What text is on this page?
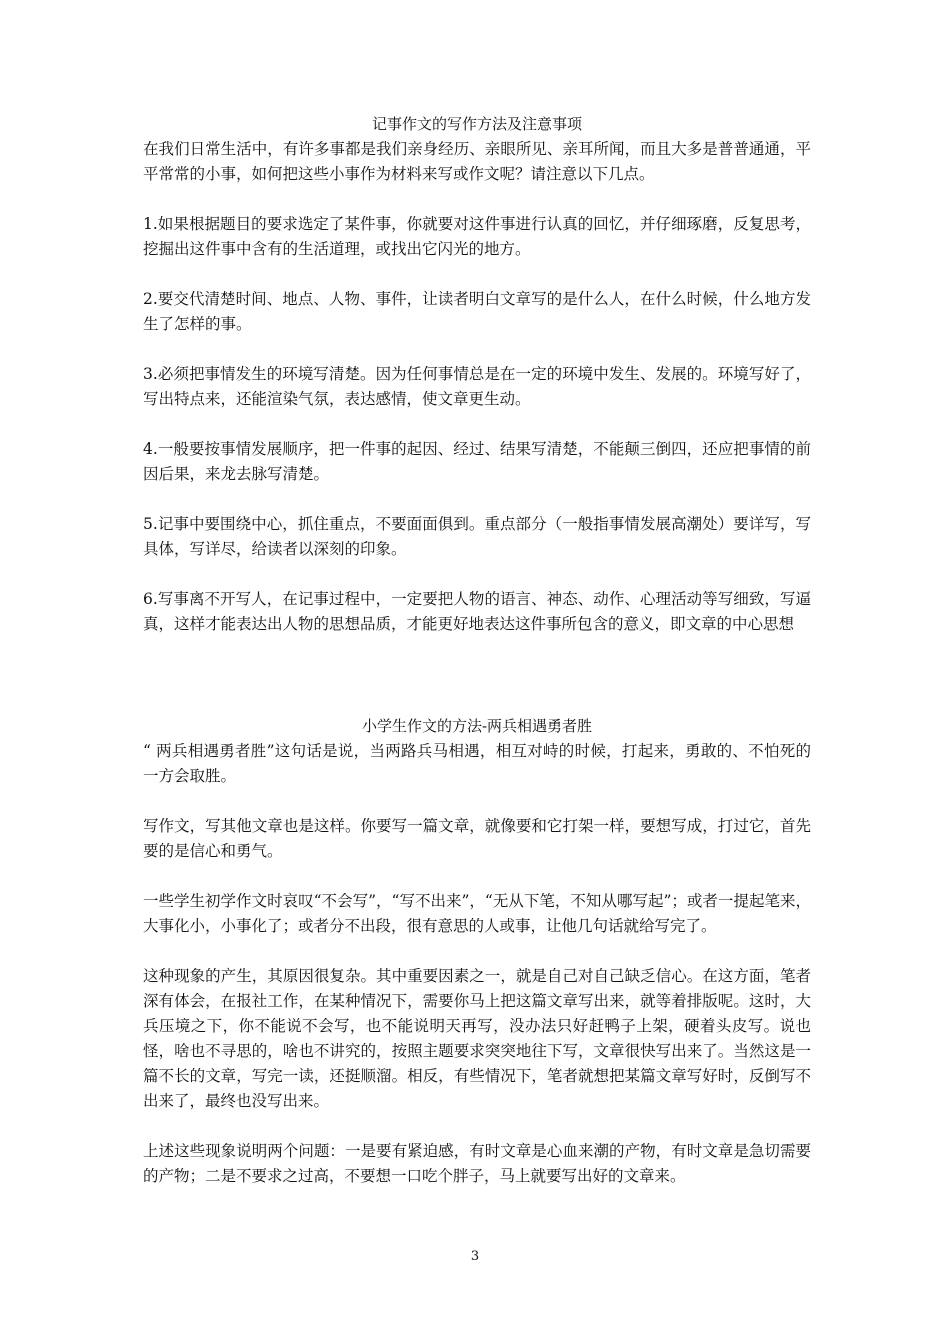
记事作文的写作方法及注意事项

在我们日常生活中，有许多事都是我们亲身经历、亲眼所见、亲耳所闻，而且大多是普普通通，平平常常的小事，如何把这些小事作为材料来写或作文呢？请注意以下几点。

1.如果根据题目的要求选定了某件事，你就要对这件事进行认真的回忆，并仔细琢磨，反复思考，挖掘出这件事中含有的生活道理，或找出它闪光的地方。

2.要交代清楚时间、地点、人物、事件，让读者明白文章写的是什么人，在什么时候，什么地方发生了怎样的事。

3.必须把事情发生的环境写清楚。因为任何事情总是在一定的环境中发生、发展的。环境写好了，写出特点来，还能渲染气氛，表达感情，使文章更生动。

4.一般要按事情发展顺序，把一件事的起因、经过、结果写清楚，不能颠三倒四，还应把事情的前因后果，来龙去脉写清楚。

5.记事中要围绕中心，抓住重点，不要面面俱到。重点部分（一般指事情发展高潮处）要详写，写具体，写详尽，给读者以深刻的印象。

6.写事离不开写人，在记事过程中，一定要把人物的语言、神态、动作、心理活动等写细致，写逼真，这样才能表达出人物的思想品质，才能更好地表达这件事所包含的意义，即文章的中心思想

小学生作文的方法-两兵相遇勇者胜

“ 两兵相遇勇者胜”这句话是说，当两路兵马相遇，相互对峙的时候，打起来，勇敢的、不怕死的一方会取胜。

写作文，写其他文章也是这样。你要写一篇文章，就像要和它打架一样，要想写成，打过它，首先要的是信心和勇气。

一些学生初学作文时哀叹“不会写”，“写不出来”，“无从下笔，不知从哪写起”；或者一提起笔来，大事化小，小事化了；或者分不出段，很有意思的人或事，让他几句话就给写完了。

这种现象的产生，其原因很复杂。其中重要因素之一，就是自己对自己缺乏信心。在这方面，笔者深有体会，在报社工作，在某种情况下，需要你马上把这篇文章写出来，就等着排版呢。这时，大兵压境之下，你不能说不会写，也不能说明天再写，没办法只好赶鸭子上架，硬着头皮写。说也怪，啥也不寻思的，啥也不讲究的，按照主题要求突突地往下写，文章很快写出来了。当然这是一篇不长的文章，写完一读，还挺顺溜。相反，有些情况下，笔者就想把某篇文章写好时，反倒写不出来了，最终也没写出来。

上述这些现象说明两个问题：一是要有紧迫感，有时文章是心血来潮的产物，有时文章是急切需要的产物；二是不要求之过高，不要想一口吃个胖子，马上就要写出好的文章来。

3
